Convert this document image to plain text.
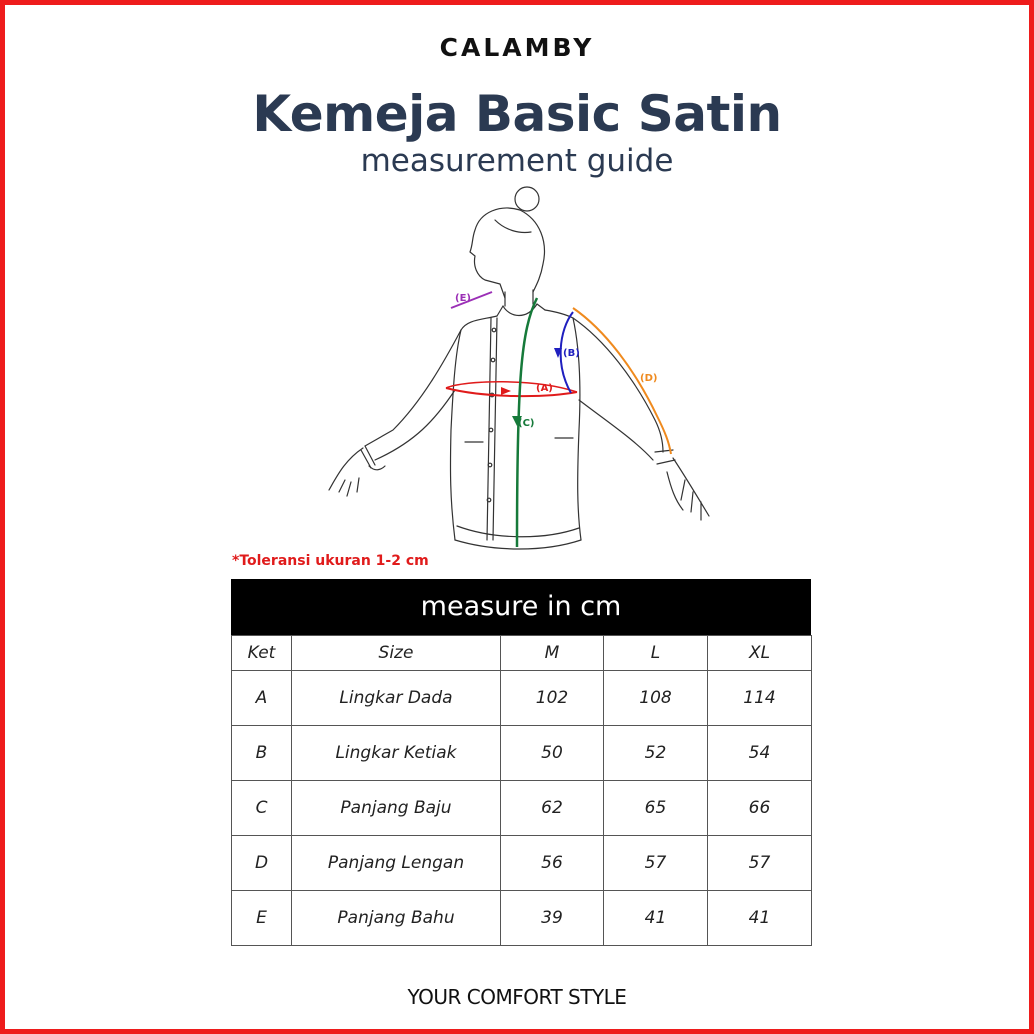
CALAMBY
Kemeja Basic Satin
measurement guide
(A)
(B)
(C)
(D)
(E)
*Toleransi ukuran 1-2 cm
measure in cm
Ket	Size	M	L	XL
A	Lingkar Dada	102	108	114
B	Lingkar Ketiak	50	52	54
C	Panjang Baju	62	65	66
D	Panjang Lengan	56	57	57
E	Panjang Bahu	39	41	41
YOUR COMFORT STYLE
